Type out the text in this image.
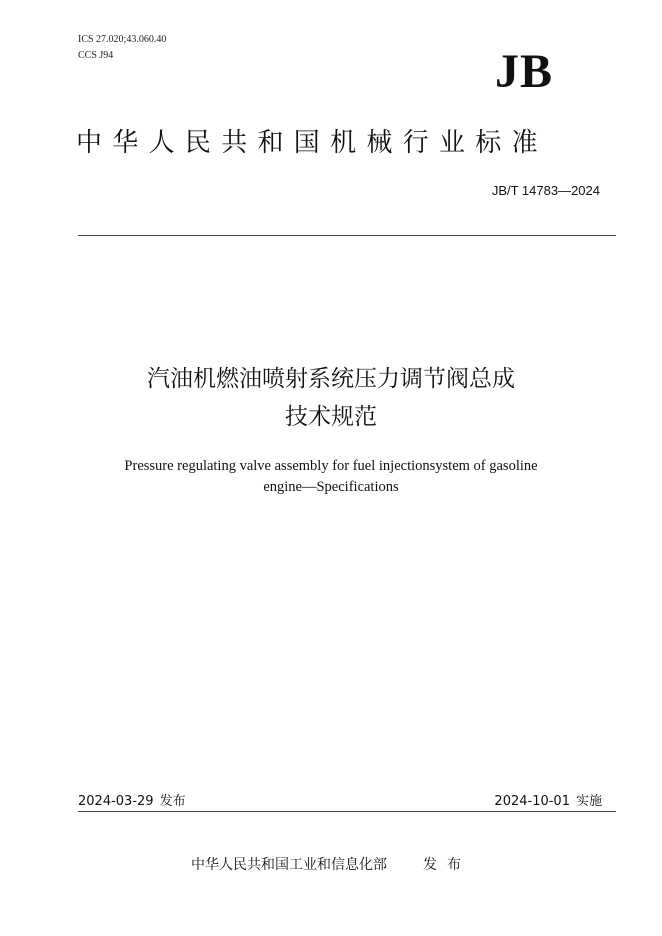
ICS 27.020;43.060.40
CCS J94	JB
中华人民共和国机械行业标准
JB/T 14783—2024
汽油机燃油喷射系统压力调节阀总成
技术规范
Pressure regulating valve assembly for fuel injectionsystem of gasoline
engine—Specifications
2024-03-29 发布	2024-10-01 实施
中华人民共和国工业和信息化部	发布
